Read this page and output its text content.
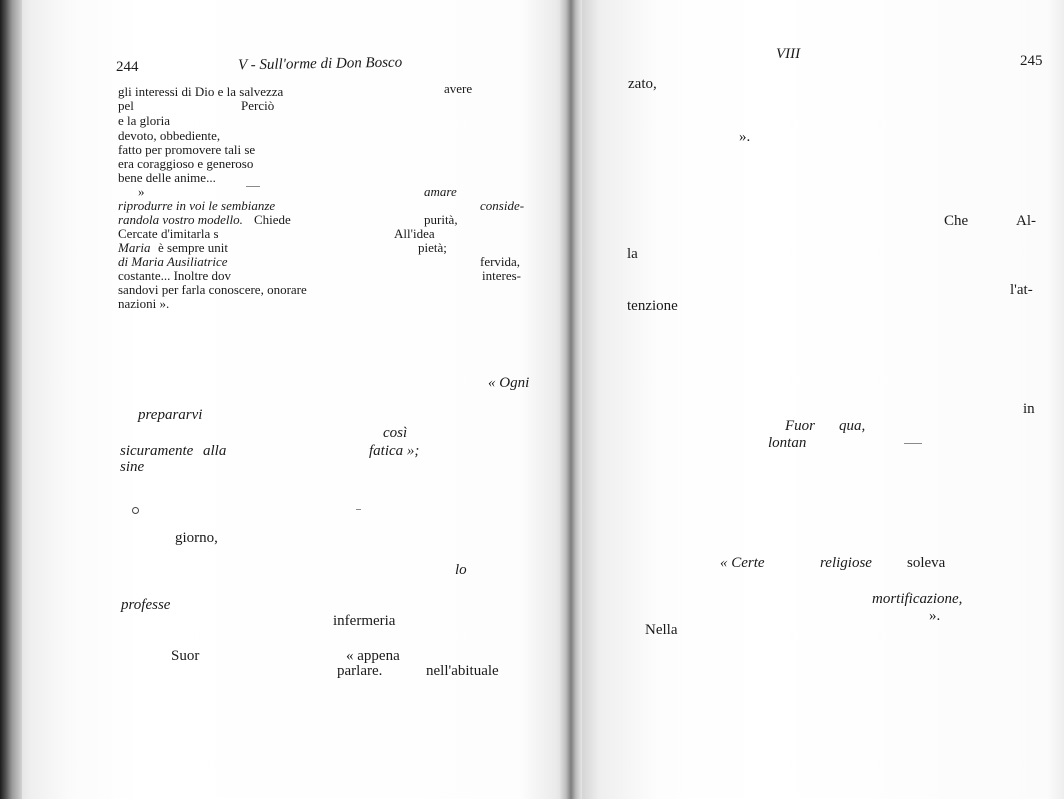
244	V - Sull'orme di Don Bosco
gli interessi di Dio e la salvezza
pel	Perciò
e la gloria
devoto, obbediente,
fatto per promovere tali se
era coraggioso e generoso
bene delle anime...
»
riprodurre in voi le sembianze
randola vostro modello. Chiede
Cercate d'imitarla s
Maria è sempre unit
di Maria Ausiliatrice
costante... Inoltre dov
sandovi per farla conoscere, onorare
nazioni ».
avere
amare
conside-
purità,
All'idea
pietà;
fervida,
interes-
« Ogni
prepararvi
così
sicuramente alla	fatica »;
sine
giorno,
lo
professe
infermeria
Suor	« appena
parlare.	nell'abituale
VIII	245
zato,
».
Che	Al-
la
l'at-
tenzione
in
Fuor qua,
lontan
« Certe	religiose soleva
mortificazione,
».
Nella
